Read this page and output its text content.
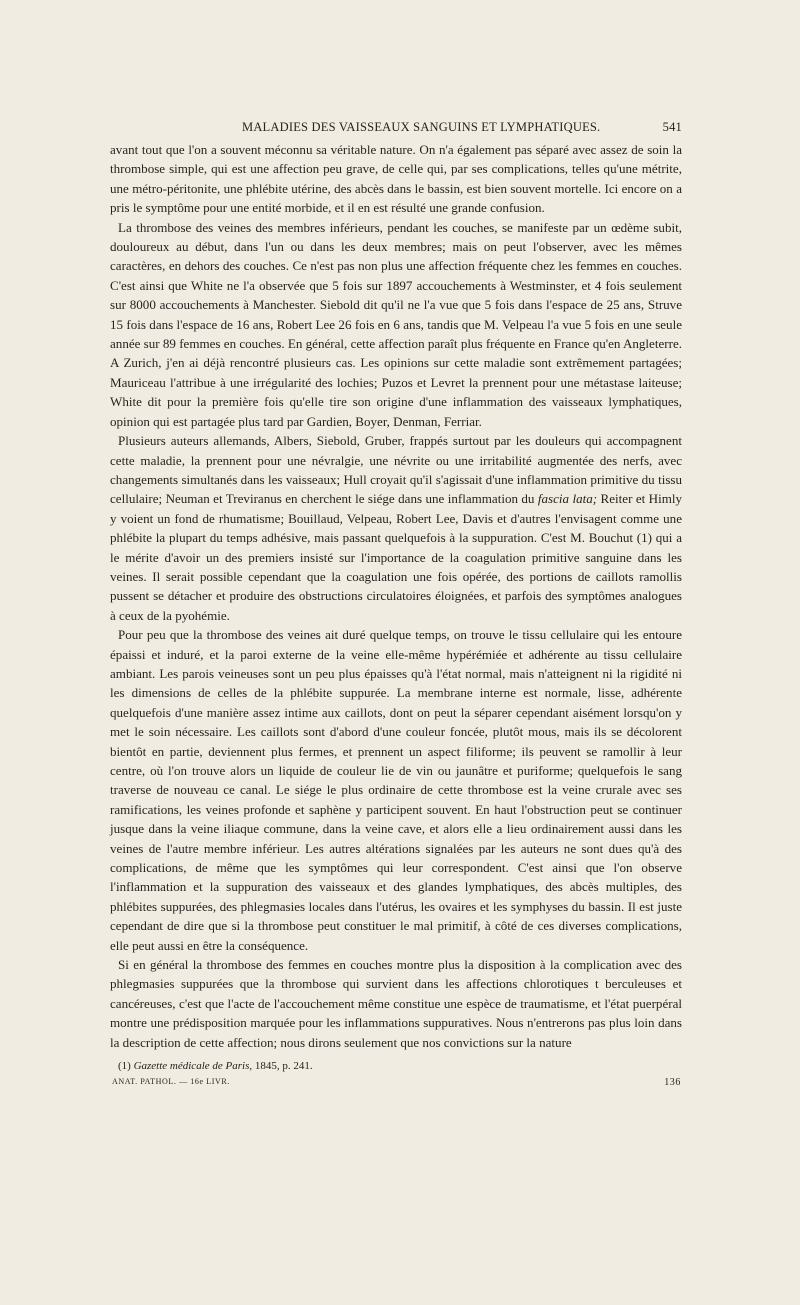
MALADIES DES VAISSEAUX SANGUINS ET LYMPHATIQUES.	541

avant tout que l'on a souvent méconnu sa véritable nature. On n'a également pas séparé avec assez de soin la thrombose simple, qui est une affection peu grave, de celle qui, par ses complications, telles qu'une métrite, une métro-péritonite, une phlébite utérine, des abcès dans le bassin, est bien souvent mortelle. Ici encore on a pris le symptôme pour une entité morbide, et il en est résulté une grande confusion.

La thrombose des veines des membres inférieurs, pendant les couches, se manifeste par un œdème subit, douloureux au début, dans l'un ou dans les deux membres; mais on peut l'observer, avec les mêmes caractères, en dehors des couches. Ce n'est pas non plus une affection fréquente chez les femmes en couches. C'est ainsi que White ne l'a observée que 5 fois sur 1897 accouchements à Westminster, et 4 fois seulement sur 8000 accouchements à Manchester. Siebold dit qu'il ne l'a vue que 5 fois dans l'espace de 25 ans, Struve 15 fois dans l'espace de 16 ans, Robert Lee 26 fois en 6 ans, tandis que M. Velpeau l'a vue 5 fois en une seule année sur 89 femmes en couches. En général, cette affection paraît plus fréquente en France qu'en Angleterre. A Zurich, j'en ai déjà rencontré plusieurs cas. Les opinions sur cette maladie sont extrêmement partagées; Mauriceau l'attribue à une irrégularité des lochies; Puzos et Levret la prennent pour une métastase laiteuse; White dit pour la première fois qu'elle tire son origine d'une inflammation des vaisseaux lymphatiques, opinion qui est partagée plus tard par Gardien, Boyer, Denman, Ferriar.

Plusieurs auteurs allemands, Albers, Siebold, Gruber, frappés surtout par les douleurs qui accompagnent cette maladie, la prennent pour une névralgie, une névrite ou une irritabilité augmentée des nerfs, avec changements simultanés dans les vaisseaux; Hull croyait qu'il s'agissait d'une inflammation primitive du tissu cellulaire; Neuman et Treviranus en cherchent le siége dans une inflammation du fascia lata; Reiter et Himly y voient un fond de rhumatisme; Bouillaud, Velpeau, Robert Lee, Davis et d'autres l'envisagent comme une phlébite la plupart du temps adhésive, mais passant quelquefois à la suppuration. C'est M. Bouchut (1) qui a le mérite d'avoir un des premiers insisté sur l'importance de la coagulation primitive sanguine dans les veines. Il serait possible cependant que la coagulation une fois opérée, des portions de caillots ramollis pussent se détacher et produire des obstructions circulatoires éloignées, et parfois des symptômes analogues à ceux de la pyohémie.

Pour peu que la thrombose des veines ait duré quelque temps, on trouve le tissu cellulaire qui les entoure épaissi et induré, et la paroi externe de la veine elle-même hypérémiée et adhérente au tissu cellulaire ambiant. Les parois veineuses sont un peu plus épaisses qu'à l'état normal, mais n'atteignent ni la rigidité ni les dimensions de celles de la phlébite suppurée. La membrane interne est normale, lisse, adhérente quelquefois d'une manière assez intime aux caillots, dont on peut la séparer cependant aisément lorsqu'on y met le soin nécessaire. Les caillots sont d'abord d'une couleur foncée, plutôt mous, mais ils se décolorent bientôt en partie, deviennent plus fermes, et prennent un aspect filiforme; ils peuvent se ramollir à leur centre, où l'on trouve alors un liquide de couleur lie de vin ou jaunâtre et puriforme; quelquefois le sang traverse de nouveau ce canal. Le siége le plus ordinaire de cette thrombose est la veine crurale avec ses ramifications, les veines profonde et saphène y participent souvent. En haut l'obstruction peut se continuer jusque dans la veine iliaque commune, dans la veine cave, et alors elle a lieu ordinairement aussi dans les veines de l'autre membre inférieur. Les autres altérations signalées par les auteurs ne sont dues qu'à des complications, de même que les symptômes qui leur correspondent. C'est ainsi que l'on observe l'inflammation et la suppuration des vaisseaux et des glandes lymphatiques, des abcès multiples, des phlébites suppurées, des phlegmasies locales dans l'utérus, les ovaires et les symphyses du bassin. Il est juste cependant de dire que si la thrombose peut constituer le mal primitif, à côté de ces diverses complications, elle peut aussi en être la conséquence.

Si en général la thrombose des femmes en couches montre plus la disposition à la complication avec des phlegmasies suppurées que la thrombose qui survient dans les affections chlorotiques t berculeuses et cancéreuses, c'est que l'acte de l'accouchement même constitue une espèce de traumatisme, et l'état puerpéral montre une prédisposition marquée pour les inflammations suppuratives. Nous n'entrerons pas plus loin dans la description de cette affection; nous dirons seulement que nos convictions sur la nature

(1) Gazette médicale de Paris, 1845, p. 241.
ANAT. PATHOL. — 16e LIVR.	136
